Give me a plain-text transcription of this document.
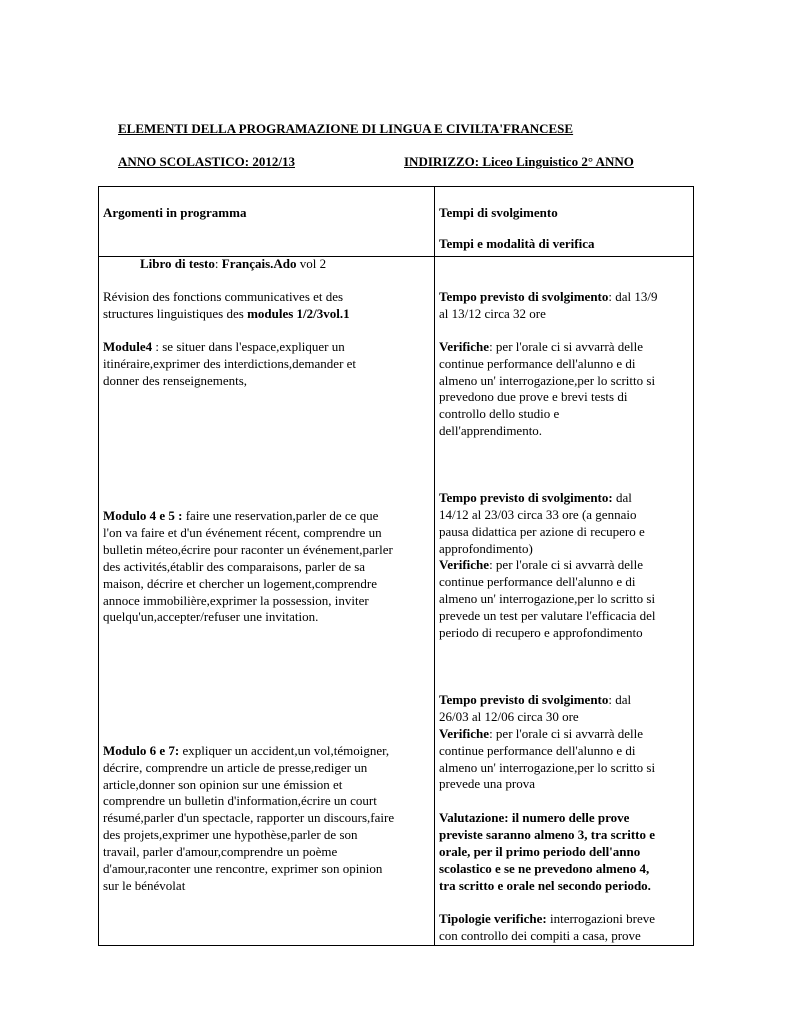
ELEMENTI DELLA PROGRAMAZIONE DI LINGUA E CIVILTA'FRANCESE
ANNO SCOLASTICO: 2012/13	INDIRIZZO: Liceo Linguistico 2° ANNO
Argomenti in programma	Tempi di svolgimento
Tempi e modalità di verifica
Libro di testo: Français.Ado vol 2
Révision des fonctions communicatives et des
structures linguistiques des modules 1/2/3vol.1
Module4 : se situer dans l'espace,expliquer un
itinéraire,exprimer des interdictions,demander et
donner des renseignements,
Modulo 4 e 5 : faire une reservation,parler de ce que
l'on va faire et d'un événement récent, comprendre un
bulletin méteo,écrire pour raconter un événement,parler
des activités,établir des comparaisons, parler de sa
maison, décrire et chercher un logement,comprendre
annoce immobilière,exprimer la possession, inviter
quelqu'un,accepter/refuser une invitation.
Modulo 6 e 7: expliquer un accident,un vol,témoigner,
décrire, comprendre un article de presse,rediger un
article,donner son opinion sur une émission et
comprendre un bulletin d'information,écrire un court
résumé,parler d'un spectacle, rapporter un discours,faire
des projets,exprimer une hypothèse,parler de son
travail, parler d'amour,comprendre un poème
d'amour,raconter une rencontre, exprimer son opinion
sur le bénévolat
Tempo previsto di svolgimento: dal 13/9
al 13/12 circa 32 ore
Verifiche: per l'orale ci si avvarrà delle
continue performance dell'alunno e di
almeno un' interrogazione,per lo scritto si
prevedono due prove e brevi tests di
controllo dello studio e
dell'apprendimento.
Tempo previsto di svolgimento: dal
14/12 al 23/03 circa 33 ore (a gennaio
pausa didattica per azione di recupero e
approfondimento)
Verifiche: per l'orale ci si avvarrà delle
continue performance dell'alunno e di
almeno un' interrogazione,per lo scritto si
prevede un test per valutare l'efficacia del
periodo di recupero e approfondimento
Tempo previsto di svolgimento: dal
26/03 al 12/06 circa 30 ore
Verifiche: per l'orale ci si avvarrà delle
continue performance dell'alunno e di
almeno un' interrogazione,per lo scritto si
prevede una prova
Valutazione: il numero delle prove
previste saranno almeno 3, tra scritto e
orale, per il primo periodo dell'anno
scolastico e se ne prevedono almeno 4,
tra scritto e orale nel secondo periodo.
Tipologie verifiche: interrogazioni breve
con controllo dei compiti a casa, prove
